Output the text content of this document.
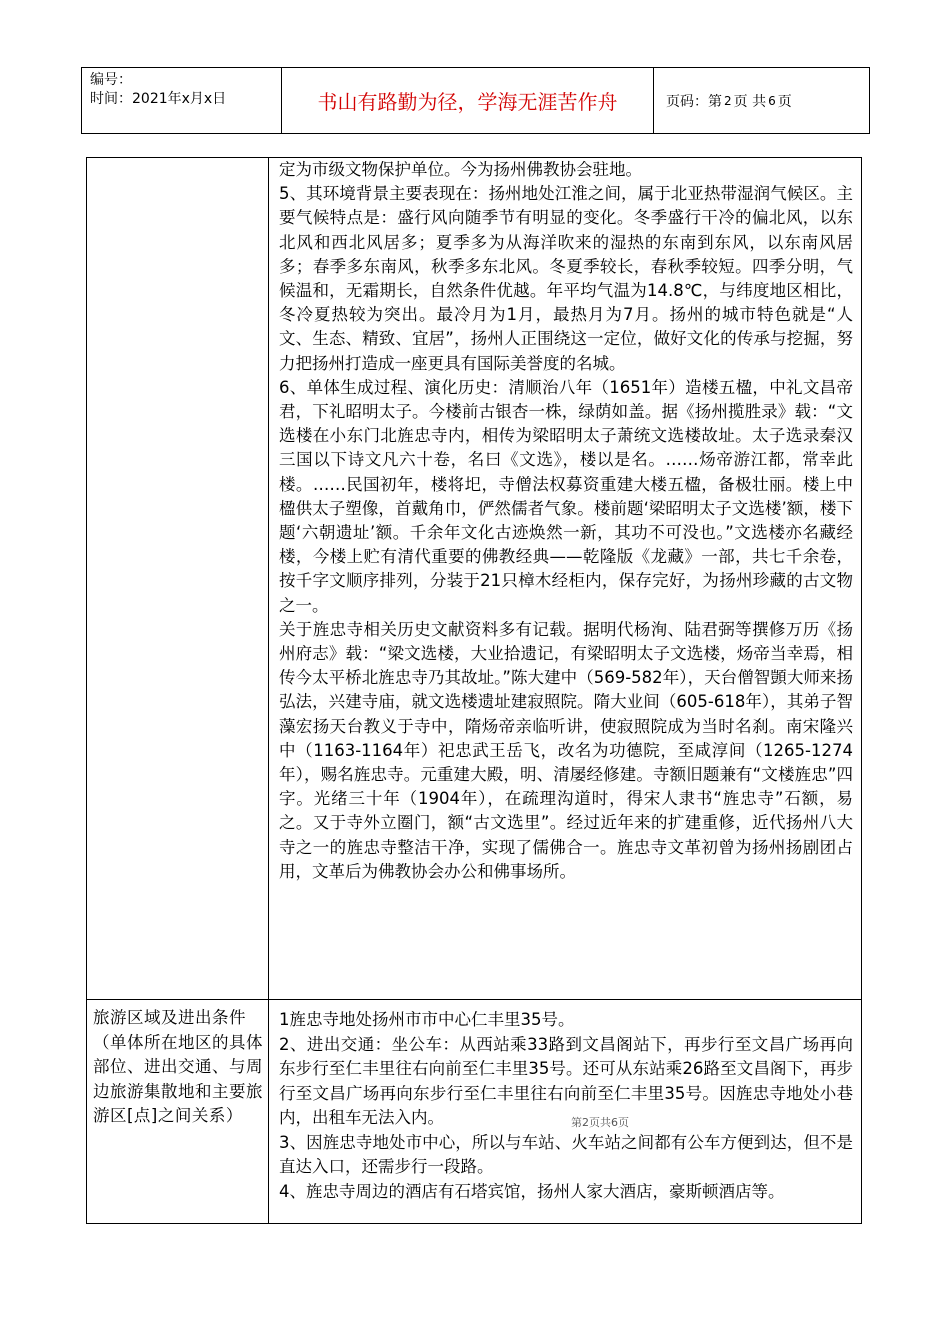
编号：
时间：2021年x月x日	书山有路勤为径，学海无涯苦作舟	页码：第 2 页 共 6 页

	定为市级文物保护单位。今为扬州佛教协会驻地。

5、其环境背景主要表现在：扬州地处江淮之间，属于北亚热带湿润气候区。主要气候特点是：盛行风向随季节有明显的变化。冬季盛行干冷的偏北风，以东北风和西北风居多；夏季多为从海洋吹来的湿热的东南到东风，以东南风居多；春季多东南风，秋季多东北风。冬夏季较长，春秋季较短。四季分明，气候温和，无霜期长，自然条件优越。年平均气温为14.8℃，与纬度地区相比，冬冷夏热较为突出。最冷月为1月，最热月为7月。扬州的城市特色就是“人文、生态、精致、宜居”，扬州人正围绕这一定位，做好文化的传承与挖掘，努力把扬州打造成一座更具有国际美誉度的名城。

6、单体生成过程、演化历史：清顺治八年（1651年）造楼五楹，中礼文昌帝君，下礼昭明太子。今楼前古银杏一株，绿荫如盖。据《扬州揽胜录》载：“文选楼在小东门北旌忠寺内，相传为梁昭明太子萧统文选楼故址。太子选录秦汉三国以下诗文凡六十卷，名曰《文选》，楼以是名。……炀帝游江都，常幸此楼。……民国初年，楼将圯，寺僧法权募资重建大楼五楹，备极壮丽。楼上中楹供太子塑像，首戴角巾，俨然儒者气象。楼前题‘梁昭明太子文选楼’额，楼下题‘六朝遗址’额。千余年文化古迹焕然一新，其功不可没也。”文选楼亦名藏经楼，今楼上贮有清代重要的佛教经典——乾隆版《龙藏》一部，共七千余卷，按千字文顺序排列，分装于21只樟木经柜内，保存完好，为扬州珍藏的古文物之一。

关于旌忠寺相关历史文献资料多有记载。据明代杨洵、陆君弼等撰修万历《扬州府志》载：“梁文选楼，大业拾遗记，有梁昭明太子文选楼，炀帝当幸焉，相传今太平桥北旌忠寺乃其故址。”陈大建中（569-582年），天台僧智顗大师来扬弘法，兴建寺庙，就文选楼遗址建寂照院。隋大业间（605-618年），其弟子智藻宏扬天台教义于寺中，隋炀帝亲临听讲，使寂照院成为当时名刹。南宋隆兴中（1163-1164年）祀忠武王岳飞，改名为功德院，至咸淳间（1265-1274年），赐名旌忠寺。元重建大殿，明、清屡经修建。寺额旧题兼有“文楼旌忠”四字。光绪三十年（1904年），在疏理沟道时，得宋人隶书“旌忠寺”石额，易之。又于寺外立圈门，额“古文选里”。经过近年来的扩建重修，近代扬州八大寺之一的旌忠寺整洁干净，实现了儒佛合一。旌忠寺文革初曾为扬州扬剧团占用，文革后为佛教协会办公和佛事场所。

旅游区域及进出条件（单体所在地区的具体部位、进出交通、与周边旅游集散地和主要旅游区[点]之间关系）	1旌忠寺地处扬州市市中心仁丰里35号。

2、进出交通：坐公车：从西站乘33路到文昌阁站下，再步行至文昌广场再向东步行至仁丰里往右向前至仁丰里35号。还可从东站乘26路至文昌阁下，再步行至文昌广场再向东步行至仁丰里往右向前至仁丰里35号。因旌忠寺地处小巷内，出租车无法入内。

3、因旌忠寺地处市中心，所以与车站、火车站之间都有公车方便到达，但不是直达入口，还需步行一段路。

4、旌忠寺周边的酒店有石塔宾馆，扬州人家大酒店，豪斯顿酒店等。

第2页共6页
